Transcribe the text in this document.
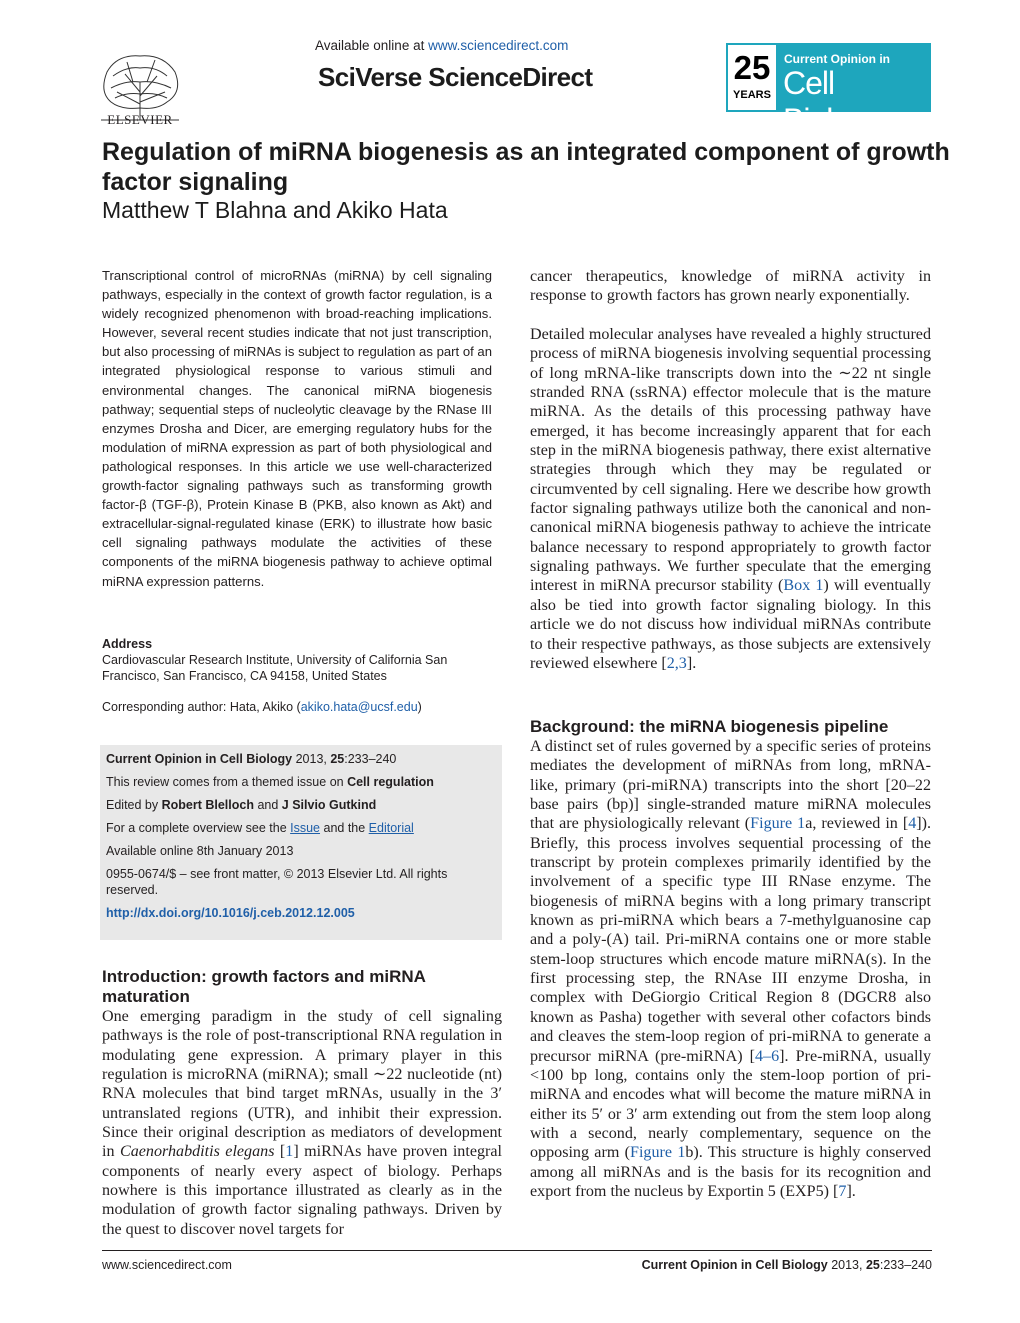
ELSEVIER
Available online at www.sciencedirect.com
SciVerse ScienceDirect	25
YEARS
Current Opinion in
Cell Biology
Regulation of miRNA biogenesis as an integrated component of growth factor signaling
Matthew T Blahna and Akiko Hata
Transcriptional control of microRNAs (miRNA) by cell signaling pathways, especially in the context of growth factor regulation, is a widely recognized phenomenon with broad-reaching implications. However, several recent studies indicate that not just transcription, but also processing of miRNAs is subject to regulation as part of an integrated physiological response to various stimuli and environmental changes. The canonical miRNA biogenesis pathway; sequential steps of nucleolytic cleavage by the RNase III enzymes Drosha and Dicer, are emerging regulatory hubs for the modulation of miRNA expression as part of both physiological and pathological responses. In this article we use well-characterized growth-factor signaling pathways such as transforming growth factor-β (TGF-β), Protein Kinase B (PKB, also known as Akt) and extracellular-signal-regulated kinase (ERK) to illustrate how basic cell signaling pathways modulate the activities of these components of the miRNA biogenesis pathway to achieve optimal miRNA expression patterns.
Address
Cardiovascular Research Institute, University of California San Francisco, San Francisco, CA 94158, United States
Corresponding author: Hata, Akiko (akiko.hata@ucsf.edu)
Current Opinion in Cell Biology 2013, 25:233–240
This review comes from a themed issue on Cell regulation
Edited by Robert Blelloch and J Silvio Gutkind
For a complete overview see the Issue and the Editorial
Available online 8th January 2013
0955-0674/$ – see front matter, © 2013 Elsevier Ltd. All rights reserved.
http://dx.doi.org/10.1016/j.ceb.2012.12.005
Introduction: growth factors and miRNA maturation
One emerging paradigm in the study of cell signaling pathways is the role of post-transcriptional RNA regulation in modulating gene expression. A primary player in this regulation is microRNA (miRNA); small ∼22 nucleotide (nt) RNA molecules that bind target mRNAs, usually in the 3′ untranslated regions (UTR), and inhibit their expression. Since their original description as mediators of development in Caenorhabditis elegans [1] miRNAs have proven integral components of nearly every aspect of biology. Perhaps nowhere is this importance illustrated as clearly as in the modulation of growth factor signaling pathways. Driven by the quest to discover novel targets for
cancer therapeutics, knowledge of miRNA activity in response to growth factors has grown nearly exponentially.
Detailed molecular analyses have revealed a highly structured process of miRNA biogenesis involving sequential processing of long mRNA-like transcripts down into the ∼22 nt single stranded RNA (ssRNA) effector molecule that is the mature miRNA. As the details of this processing pathway have emerged, it has become increasingly apparent that for each step in the miRNA biogenesis pathway, there exist alternative strategies through which they may be regulated or circumvented by cell signaling. Here we describe how growth factor signaling pathways utilize both the canonical and non-canonical miRNA biogenesis pathway to achieve the intricate balance necessary to respond appropriately to growth factor signaling pathways. We further speculate that the emerging interest in miRNA precursor stability (Box 1) will eventually also be tied into growth factor signaling biology. In this article we do not discuss how individual miRNAs contribute to their respective pathways, as those subjects are extensively reviewed elsewhere [2,3].
Background: the miRNA biogenesis pipeline
A distinct set of rules governed by a specific series of proteins mediates the development of miRNAs from long, mRNA-like, primary (pri-miRNA) transcripts into the short [20–22 base pairs (bp)] single-stranded mature miRNA molecules that are physiologically relevant (Figure 1a, reviewed in [4]). Briefly, this process involves sequential processing of the transcript by protein complexes primarily identified by the involvement of a specific type III RNase enzyme. The biogenesis of miRNA begins with a long primary transcript known as pri-miRNA which bears a 7-methylguanosine cap and a poly-(A) tail. Pri-miRNA contains one or more stable stem-loop structures which encode mature miRNA(s). In the first processing step, the RNAse III enzyme Drosha, in complex with DeGiorgio Critical Region 8 (DGCR8 also known as Pasha) together with several other cofactors binds and cleaves the stem-loop region of pri-miRNA to generate a precursor miRNA (pre-miRNA) [4–6]. Pre-miRNA, usually <100 bp long, contains only the stem-loop portion of pri-miRNA and encodes what will become the mature miRNA in either its 5′ or 3′ arm extending out from the stem loop along with a second, nearly complementary, sequence on the opposing arm (Figure 1b). This structure is highly conserved among all miRNAs and is the basis for its recognition and export from the nucleus by Exportin 5 (EXP5) [7].
www.sciencedirect.com	Current Opinion in Cell Biology 2013, 25:233–240
